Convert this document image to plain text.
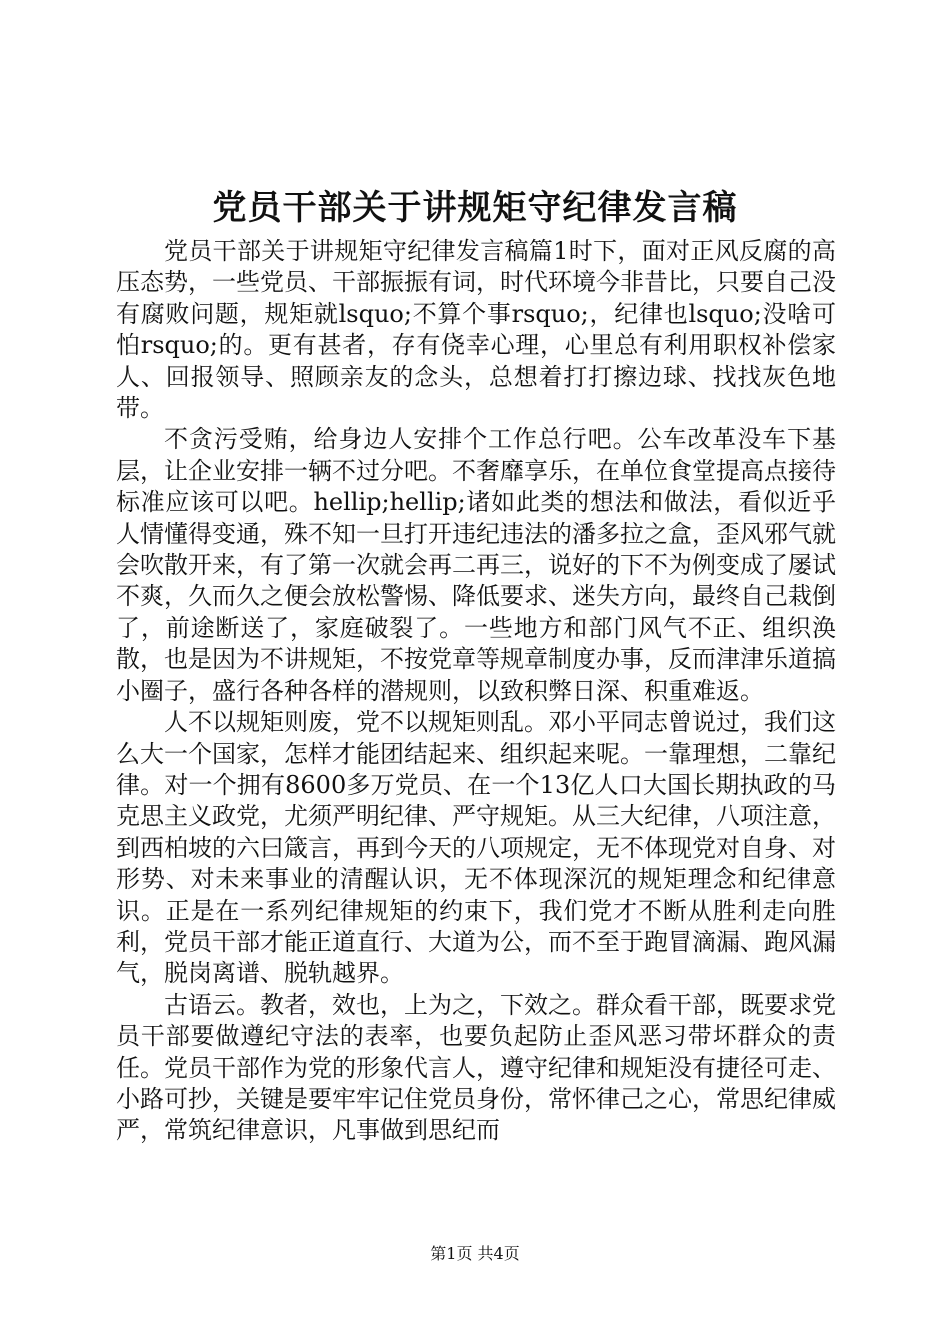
党员干部关于讲规矩守纪律发言稿

党员干部关于讲规矩守纪律发言稿篇1时下，面对正风反腐的高压态势，一些党员、干部振振有词，时代环境今非昔比，只要自己没有腐败问题，规矩就lsquo;不算个事rsquo;，纪律也lsquo;没啥可怕rsquo;的。更有甚者，存有侥幸心理，心里总有利用职权补偿家人、回报领导、照顾亲友的念头，总想着打打擦边球、找找灰色地带。

不贪污受贿，给身边人安排个工作总行吧。公车改革没车下基层，让企业安排一辆不过分吧。不奢靡享乐，在单位食堂提高点接待标准应该可以吧。hellip;hellip;诸如此类的想法和做法，看似近乎人情懂得变通，殊不知一旦打开违纪违法的潘多拉之盒，歪风邪气就会吹散开来，有了第一次就会再二再三，说好的下不为例变成了屡试不爽，久而久之便会放松警惕、降低要求、迷失方向，最终自己栽倒了，前途断送了，家庭破裂了。一些地方和部门风气不正、组织涣散，也是因为不讲规矩，不按党章等规章制度办事，反而津津乐道搞小圈子，盛行各种各样的潜规则，以致积弊日深、积重难返。

人不以规矩则废，党不以规矩则乱。邓小平同志曾说过，我们这么大一个国家，怎样才能团结起来、组织起来呢。一靠理想，二靠纪律。对一个拥有8600多万党员、在一个13亿人口大国长期执政的马克思主义政党，尤须严明纪律、严守规矩。从三大纪律，八项注意，到西柏坡的六曰箴言，再到今天的八项规定，无不体现党对自身、对形势、对未来事业的清醒认识，无不体现深沉的规矩理念和纪律意识。正是在一系列纪律规矩的约束下，我们党才不断从胜利走向胜利，党员干部才能正道直行、大道为公，而不至于跑冒滴漏、跑风漏气，脱岗离谱、脱轨越界。

古语云。教者，效也，上为之，下效之。群众看干部，既要求党员干部要做遵纪守法的表率，也要负起防止歪风恶习带坏群众的责任。党员干部作为党的形象代言人，遵守纪律和规矩没有捷径可走、小路可抄，关键是要牢牢记住党员身份，常怀律己之心，常思纪律威严，常筑纪律意识，凡事做到思纪而

第1页 共4页
